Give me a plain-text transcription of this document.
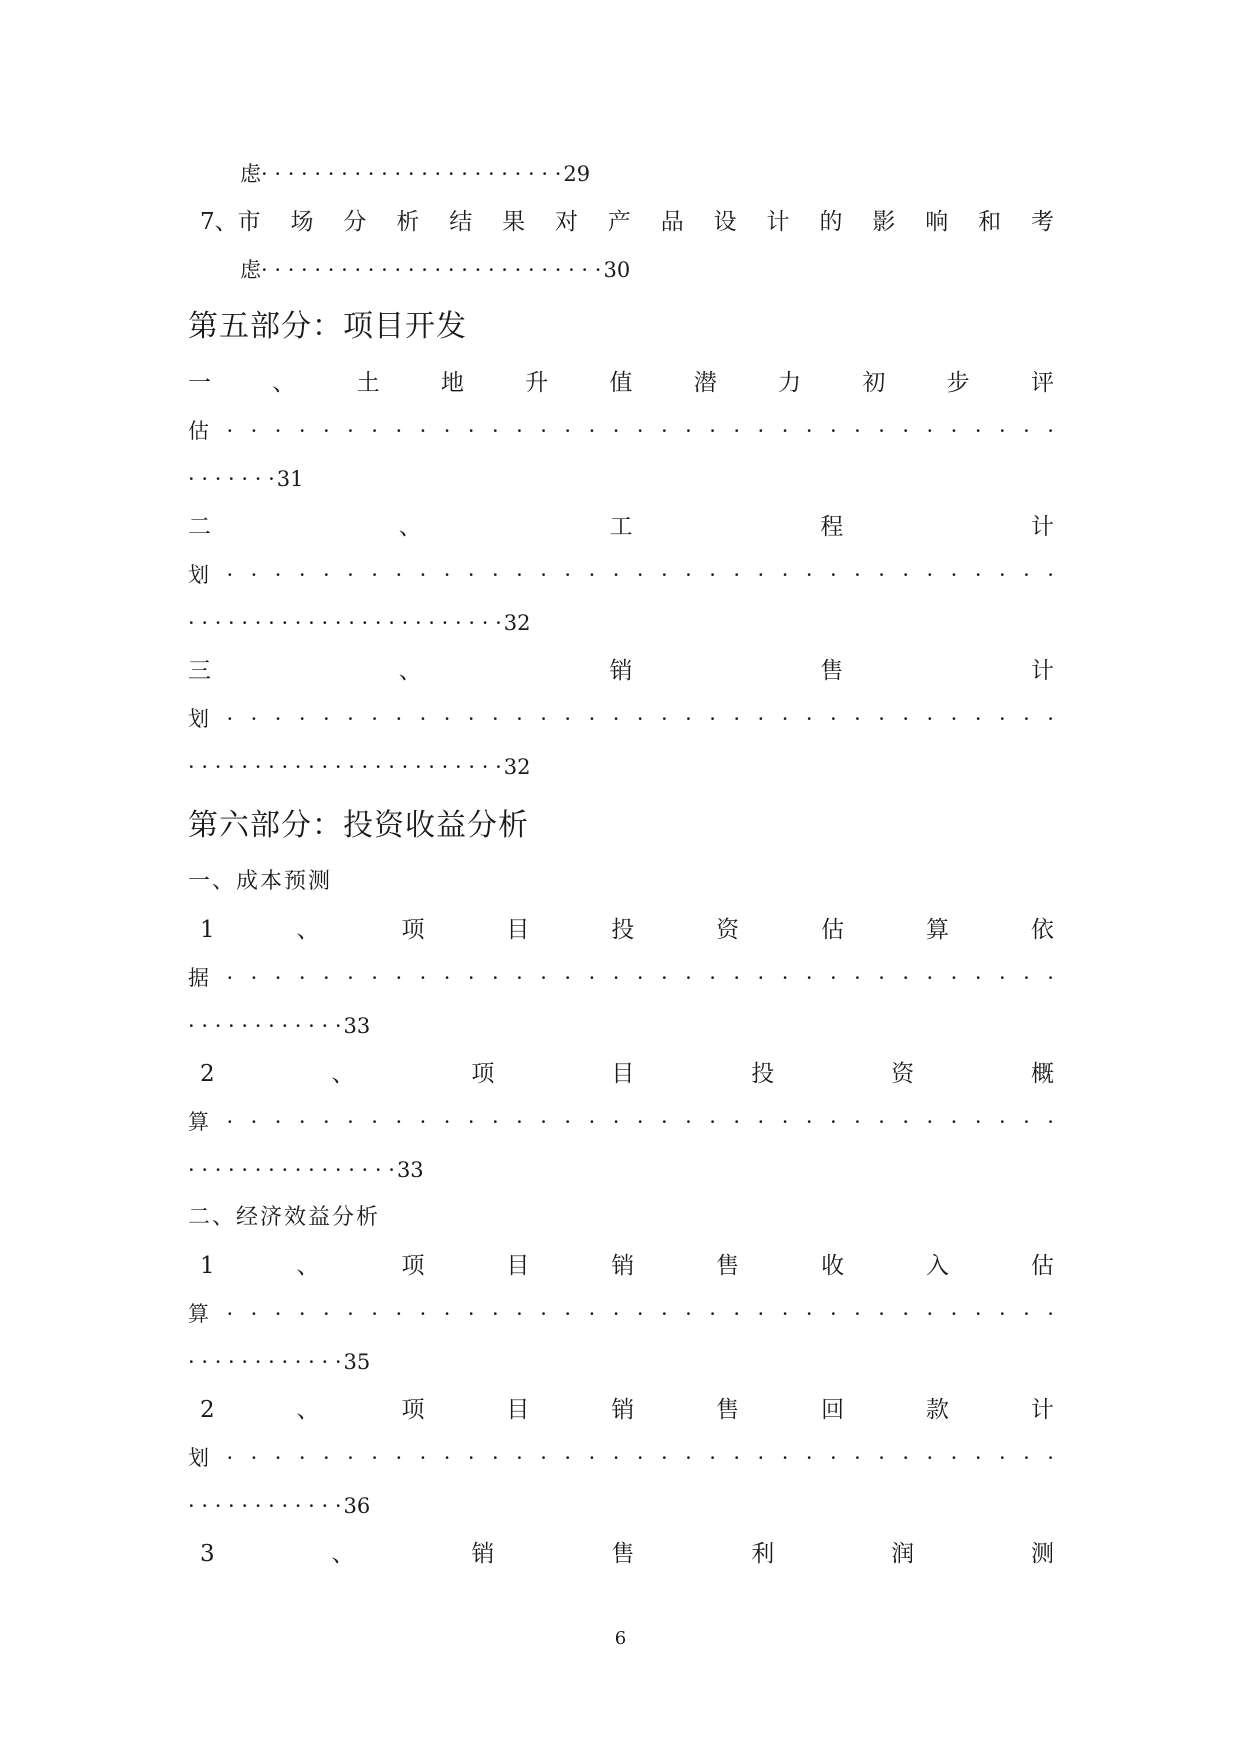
虑 · · · · · · · · · · · · · · · · · · · · · · · 29
7、市 场 分 析 结 果 对 产 品 设 计 的 影 响 和 考
虑 · · · · · · · · · · · · · · · · · · · · · · · · · · 30
第五部分：项目开发
一	、	土	地	升	值	潜	力	初	步	评
估 · · · · · · · · · · · · · · · · · · · · · · · · · · · · · · · · · · ·
· · · · · · · 31
二	、	工	程	计
划 · · · · · · · · · · · · · · · · · · · · · · · · · · · · · · · · · · ·
· · · · · · · · · · · · · · · · · · · · · · · · 32
三	、	销	售	计
划 · · · · · · · · · · · · · · · · · · · · · · · · · · · · · · · · · · ·
· · · · · · · · · · · · · · · · · · · · · · · · 32
第六部分：投资收益分析
一、成本预测
1	、	项	目	投	资	估	算	依
据 · · · · · · · · · · · · · · · · · · · · · · · · · · · · · · · · · · ·
· · · · · · · · · · · · 33
2	、	项	目	投	资	概
算 · · · · · · · · · · · · · · · · · · · · · · · · · · · · · · · · · · ·
· · · · · · · · · · · · · · · · 33
二、经济效益分析
1	、	项	目	销	售	收	入	估
算 · · · · · · · · · · · · · · · · · · · · · · · · · · · · · · · · · · ·
· · · · · · · · · · · · 35
2	、	项	目	销	售	回	款	计
划 · · · · · · · · · · · · · · · · · · · · · · · · · · · · · · · · · · ·
· · · · · · · · · · · · 36
3	、	销	售	利	润	测
6
